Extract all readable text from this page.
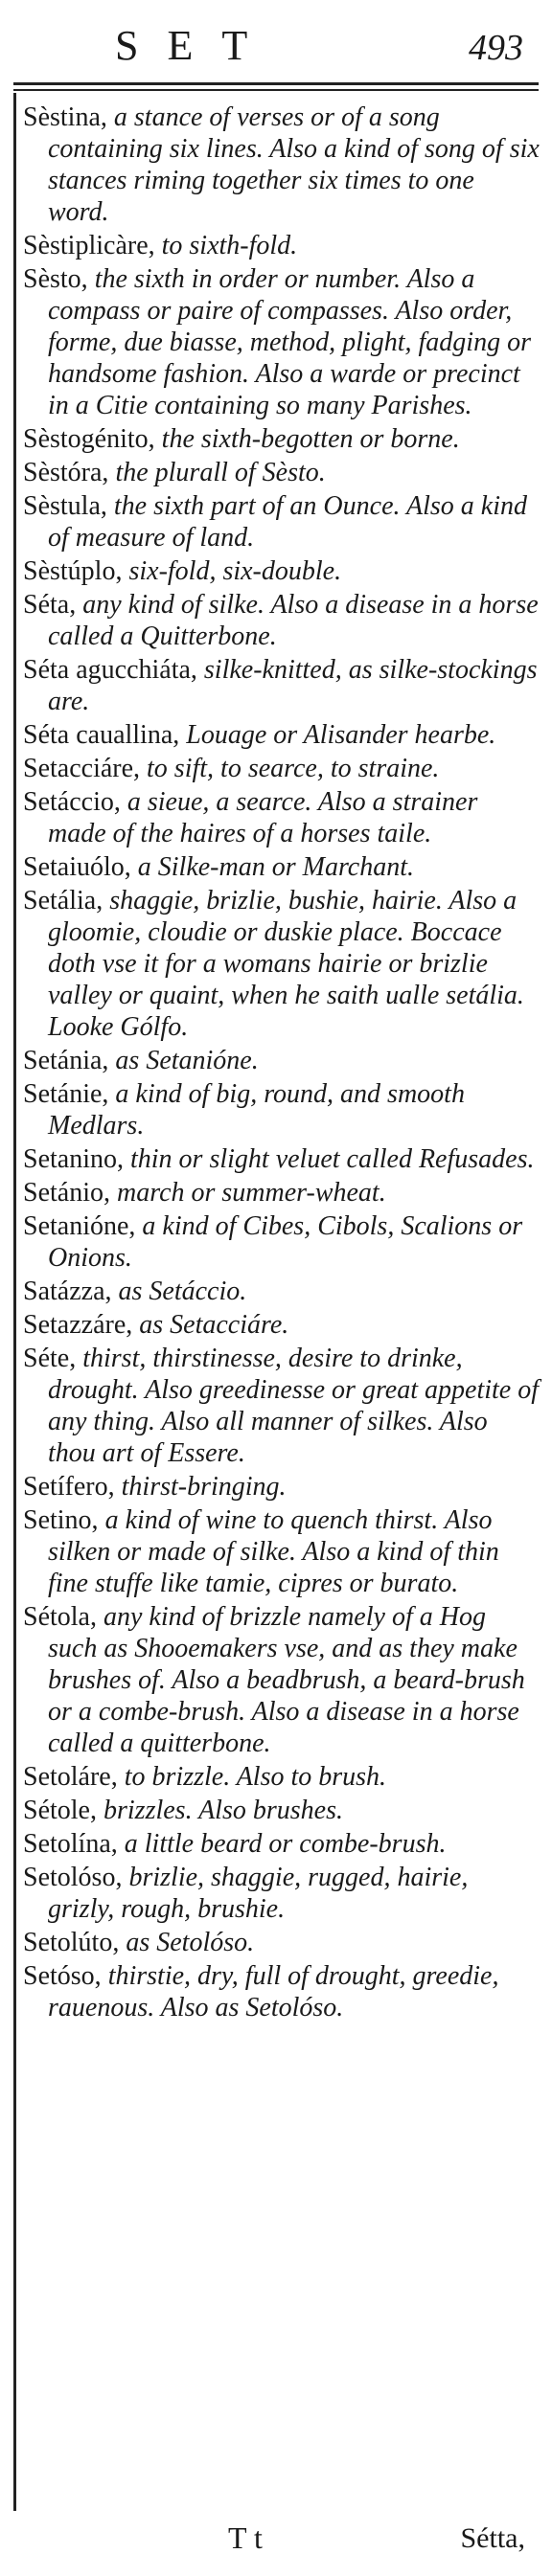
SET	493
Sèstina, a stance of verses or of a song containing six lines. Also a kind of song of six stances riming together six times to one word.
Sèstiplicàre, to sixth-fold.
Sèsto, the sixth in order or number. Also a compass or paire of compasses. Also order, forme, due biasse, method, plight, fadging or handsome fashion. Also a warde or precinct in a Citie containing so many Parishes.
Sèstogénito, the sixth-begotten or borne.
Sèstóra, the plurall of Sèsto.
Sèstula, the sixth part of an Ounce. Also a kind of measure of land.
Sèstúplo, six-fold, six-double.
Séta, any kind of silke. Also a disease in a horse called a Quitterbone.
Séta agucchiáta, silke-knitted, as silke-stockings are.
Séta cauallina, Louage or Alisander hearbe.
Setacciáre, to sift, to searce, to straine.
Setáccio, a sieue, a searce. Also a strainer made of the haires of a horses taile.
Setaiuólo, a Silke-man or Marchant.
Setália, shaggie, brizlie, bushie, hairie. Also a gloomie, cloudie or duskie place. Boccace doth vse it for a womans hairie or brizlie valley or quaint, when he saith ualle setália. Looke Gólfo.
Setánia, as Setanióne.
Setánie, a kind of big, round, and smooth Medlars.
Setanino, thin or slight veluet called Refusades.
Setánio, march or summer-wheat.
Setanióne, a kind of Cibes, Cibols, Scalions or Onions.
Satázza, as Setáccio.
Setazzáre, as Setacciáre.
Séte, thirst, thirstinesse, desire to drinke, drought. Also greedinesse or great appetite of any thing. Also all manner of silkes. Also thou art of Essere.
Setífero, thirst-bringing.
Setino, a kind of wine to quench thirst. Also silken or made of silke. Also a kind of thin fine stuffe like tamie, cipres or burato.
Sétola, any kind of brizzle namely of a Hog such as Shooemakers vse, and as they make brushes of. Also a beadbrush, a beard-brush or a combe-brush. Also a disease in a horse called a quitterbone.
Setoláre, to brizzle. Also to brush.
Sétole, brizzles. Also brushes.
Setolína, a little beard or combe-brush.
Setolóso, brizlie, shaggie, rugged, hairie, grizly, rough, brushie.
Setolúto, as Setolóso.
Setóso, thirstie, dry, full of drought, greedie, rauenous. Also as Setolóso.
T t	Sétta,
